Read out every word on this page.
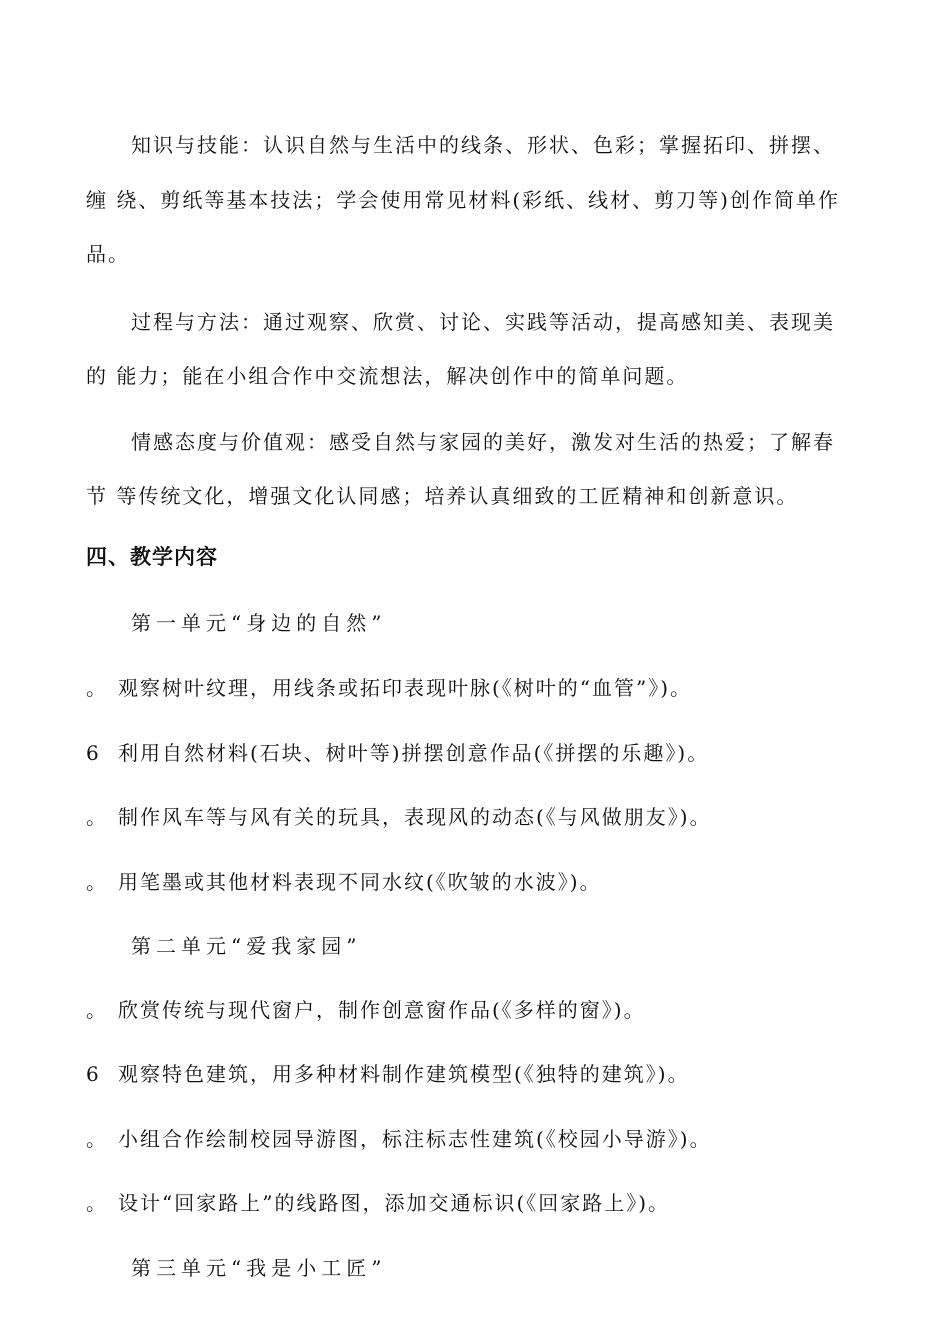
知识与技能：认识自然与生活中的线条、形状、色彩；掌握拓印、拼摆、
缠 绕、剪纸等基本技法；学会使用常见材料(彩纸、线材、剪刀等)创作简单作
品。
过程与方法：通过观察、欣赏、讨论、实践等活动，提高感知美、表现美
的 能力；能在小组合作中交流想法，解决创作中的简单问题。
情感态度与价值观：感受自然与家园的美好，激发对生活的热爱；了解春
节 等传统文化，增强文化认同感；培养认真细致的工匠精神和创新意识。
四、教学内容
第一单元“身边的自然”
。 观察树叶纹理，用线条或拓印表现叶脉(《树叶的“血管”》)。
6 利用自然材料(石块、树叶等)拼摆创意作品(《拼摆的乐趣》)。
。 制作风车等与风有关的玩具，表现风的动态(《与风做朋友》)。
。 用笔墨或其他材料表现不同水纹(《吹皱的水波》)。
第二单元“爱我家园”
。 欣赏传统与现代窗户，制作创意窗作品(《多样的窗》)。
6 观察特色建筑，用多种材料制作建筑模型(《独特的建筑》)。
。 小组合作绘制校园导游图，标注标志性建筑(《校园小导游》)。
。 设计“回家路上”的线路图，添加交通标识(《回家路上》)。
第三单元“我是小工匠”
